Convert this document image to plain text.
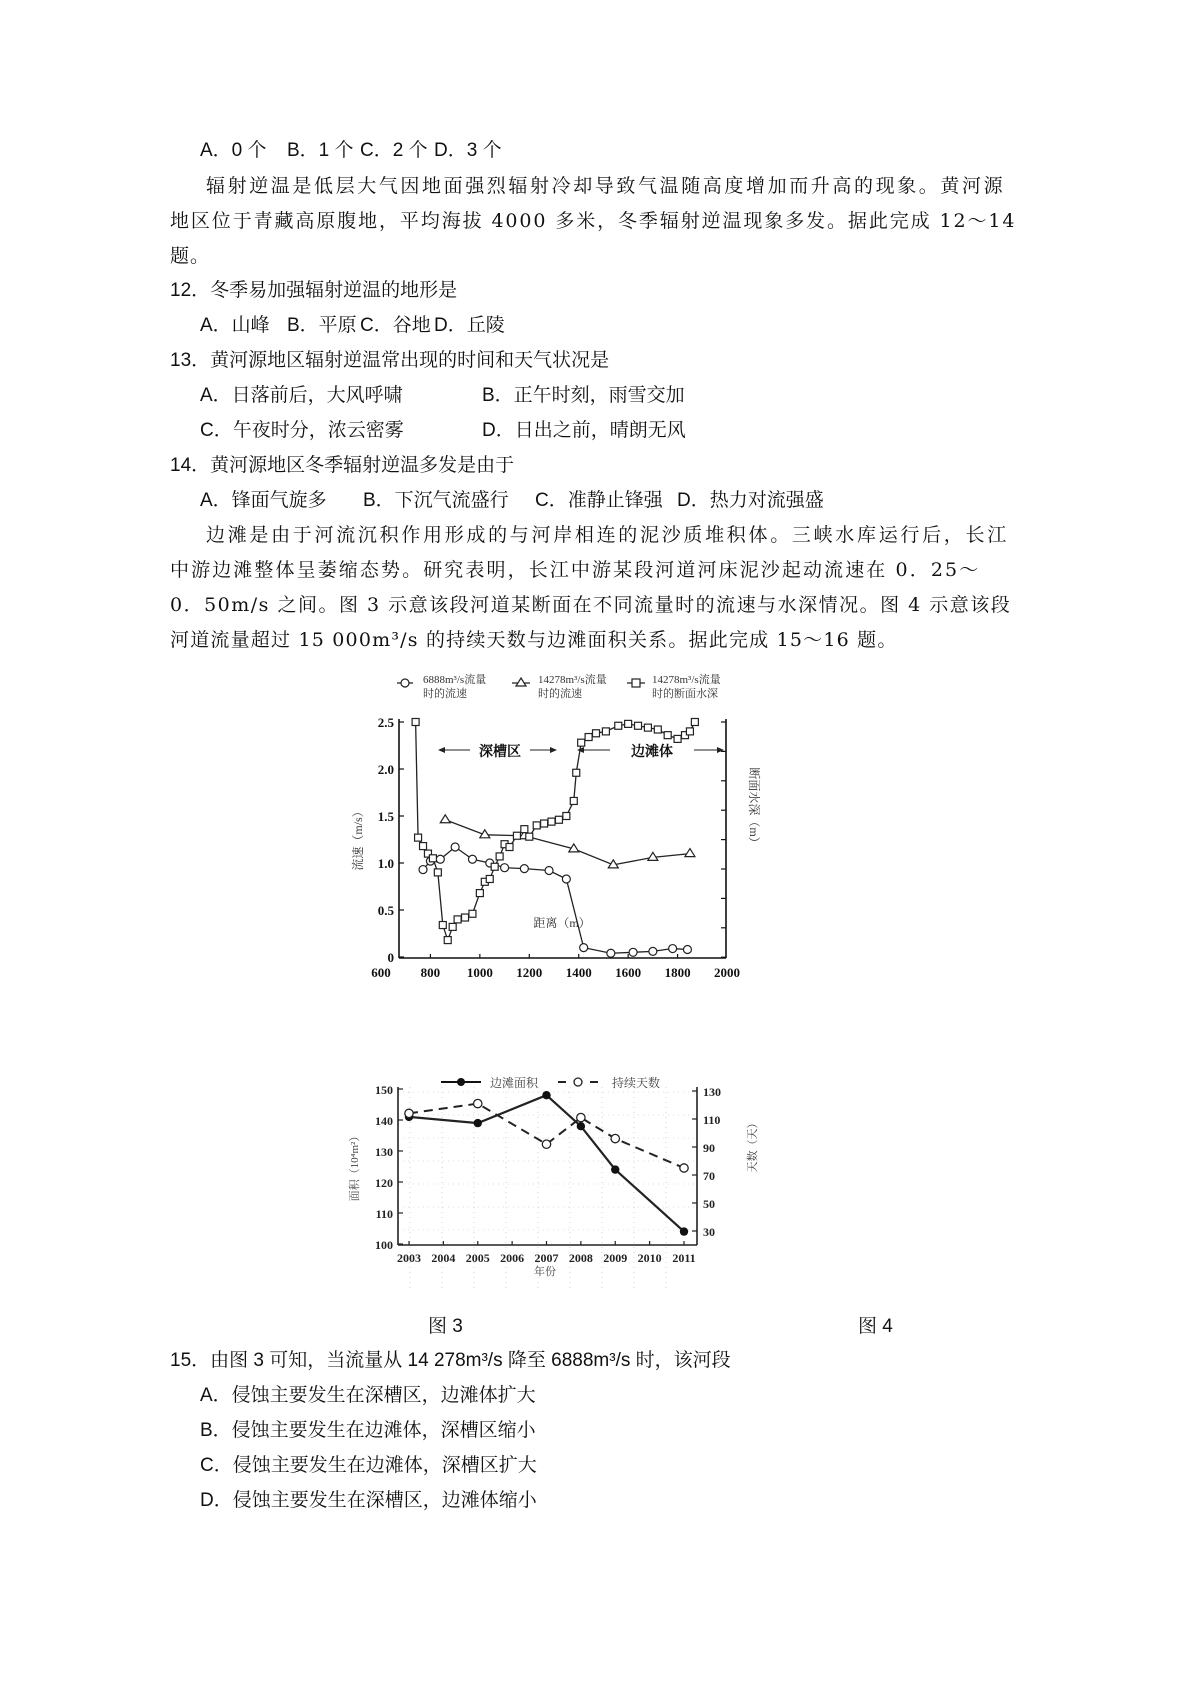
A．0 个 B．1 个 C．2 个 D．3 个
辐射逆温是低层大气因地面强烈辐射冷却导致气温随高度增加而升高的现象。黄河源
地区位于青藏高原腹地，平均海拔 4000 多米，冬季辐射逆温现象多发。据此完成 12～14
题。
12．冬季易加强辐射逆温的地形是
A．山峰 B．平原 C．谷地 D．丘陵
13．黄河源地区辐射逆温常出现的时间和天气状况是
A．日落前后，大风呼啸	B．正午时刻，雨雪交加
C．午夜时分，浓云密雾	D．日出之前，晴朗无风
14．黄河源地区冬季辐射逆温多发是由于
A．锋面气旋多 B．下沉气流盛行 C．准静止锋强 D．热力对流强盛
边滩是由于河流沉积作用形成的与河岸相连的泥沙质堆积体。三峡水库运行后，长江
中游边滩整体呈萎缩态势。研究表明，长江中游某段河道河床泥沙起动流速在 0．25～
0．50m/s 之间。图 3 示意该段河道某断面在不同流量时的流速与水深情况。图 4 示意该段
河道流量超过 15 000m³/s 的持续天数与边滩面积关系。据此完成 15～16 题。
6888m³/s流量
时的流速
14278m³/s流量
时的流速
14278m³/s流量
时的断面水深
600 800 1000 1200 1400 1600 1800 2000
0
0.5
1.0
1.5
2.0
2.5
深槽区	边滩体
流速（m/s）	断面水深（m）
距离（m）
边滩面积	持续天数
2003 2004 2005 2006 2007 2008 2009 2010 2011
100
110
120
130
140
150
30
50
70
90
110
130
面积（10⁴m²）	天数（天）
年份
图 3	图 4
15．由图 3 可知，当流量从 14 278m³/s 降至 6888m³/s 时，该河段
A．侵蚀主要发生在深槽区，边滩体扩大
B．侵蚀主要发生在边滩体，深槽区缩小
C．侵蚀主要发生在边滩体，深槽区扩大
D．侵蚀主要发生在深槽区，边滩体缩小
